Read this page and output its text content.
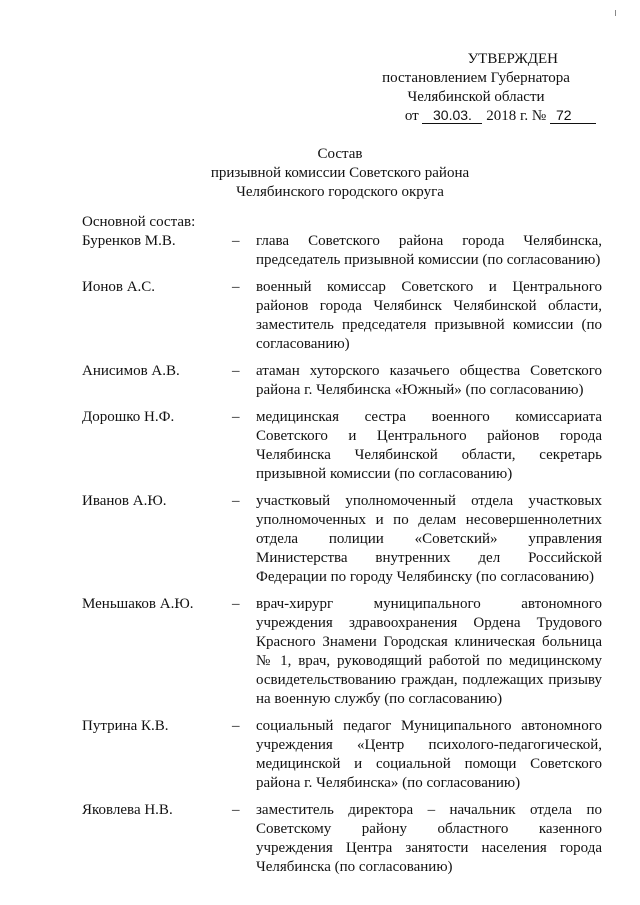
УТВЕРЖДЕН
постановлением Губернатора
Челябинской области
от 30.03. 2018 г. № 72
Состав
призывной комиссии Советского района
Челябинского городского округа
Основной состав:
Буренков М.В.	–	глава Советского района города Челябинска, председатель призывной комиссии (по согласованию)
Ионов А.С.	–	военный комиссар Советского и Центрального районов города Челябинск Челябинской области, заместитель председателя призывной комиссии (по согласованию)
Анисимов А.В.	–	атаман хуторского казачьего общества Советского района г. Челябинска «Южный» (по согласованию)
Дорошко Н.Ф.	–	медицинская сестра военного комиссариата Советского и Центрального районов города Челябинска Челябинской области, секретарь призывной комиссии (по согласованию)
Иванов А.Ю.	–	участковый уполномоченный отдела участковых уполномоченных и по делам несовершеннолетних отдела полиции «Советский» управления Министерства внутренних дел Российской Федерации по городу Челябинску (по согласованию)
Меньшаков А.Ю.	–	врач-хирург муниципального автономного учреждения здравоохранения Ордена Трудового Красного Знамени Городская клиническая больница № 1, врач, руководящий работой по медицинскому освидетельствованию граждан, подлежащих призыву на военную службу (по согласованию)
Путрина К.В.	–	социальный педагог Муниципального автономного учреждения «Центр психолого-педагогической, медицинской и социальной помощи Советского района г. Челябинска» (по согласованию)
Яковлева Н.В.	–	заместитель директора – начальник отдела по Советскому району областного казенного учреждения Центра занятости населения города Челябинска (по согласованию)
